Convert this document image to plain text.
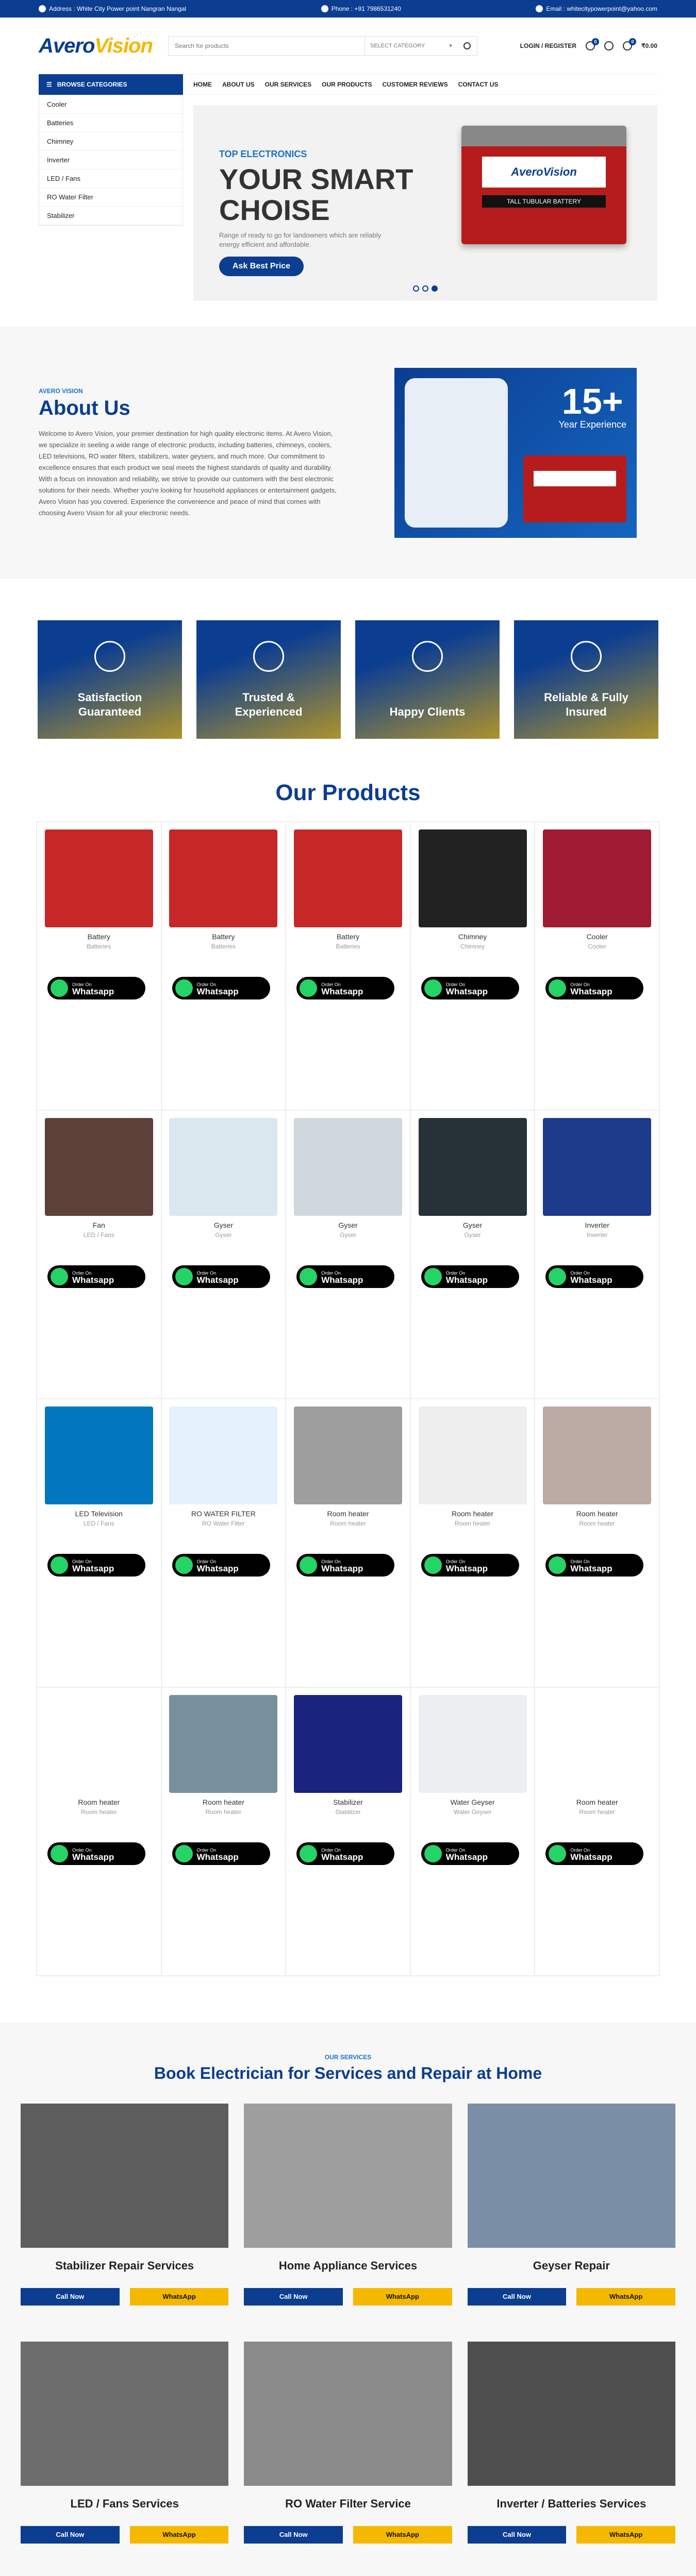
Address : White City Power point Nangran Nangal	Phone : +91 7986531240	Email : whitecitypowerpoint@yahoo.com
AveroVision
Search for products	SELECT CATEGORY	▾	LOGIN / REGISTER
0	0
₹0.00
☰ BROWSE CATEGORIES	HOME ABOUT US OUR SERVICES OUR PRODUCTS CUSTOMER REVIEWS CONTACT US
Cooler
Batteries
Chimney
Inverter
LED / Fans
RO Water Filter
Stabilizer
TOP ELECTRONICS
YOUR SMART
CHOISE

Range of ready to go for landowners which are reliably energy efficient and affordable.

Ask Best Price
AveroVision
TALL TUBULAR BATTERY
AVERO VISION
About Us

Welcome to Avero Vision, your premier destination for high quality electronic items. At Avero Vision, we specialize in seeling a wide range of electronic products, including batteries, chimneys, coolers, LED televisions, RO water filters, stabilizers, water geysers, and much more. Our commitment to excellence ensures that each product we seal meets the highest standards of quality and durability. With a focus on innovation and reliability, we strive to provide our customers with the best electronic solutions for their needs. Whether you're looking for household appliances or entertainment gadgets, Avero Vision has you covered. Experience the convenience and peace of mind that comes with choosing Avero Vision for all your electronic needs.

15+
Year Experience
Satisfaction Guaranteed
Trusted & Experienced	Happy Clients
Reliable & Fully Insured
Our Products
Battery
Batteries
Order On
Whatsapp
Battery
Batteries
Order On
Whatsapp
Battery
Batteries
Order On
Whatsapp
Chimney
Chimney
Order On
Whatsapp
Cooler
Cooler
Order On
Whatsapp
Fan
LED / Fans
Order On
Whatsapp
Gyser
Gyser
Order On
Whatsapp
Gyser
Gyser
Order On
Whatsapp
Gyser
Gyser
Order On
Whatsapp
Inverter
Inverter
Order On
Whatsapp
LED Television
LED / Fans
Order On
Whatsapp
RO WATER FILTER
RO Water Filter
Order On
Whatsapp
Room heater
Room heater
Order On
Whatsapp
Room heater
Room heater
Order On
Whatsapp
Room heater
Room heater
Order On
Whatsapp
Room heater
Room heater
Order On
Whatsapp
Room heater
Room heater
Order On
Whatsapp
Stabilizer
Stabilizer
Order On
Whatsapp
Water Geyser
Water Geyser
Order On
Whatsapp
Room heater
Room heater
Order On
Whatsapp
OUR SERVICES
Book Electrician for Services and Repair at Home
Stabilizer Repair Services
Call Now	WhatsApp
Home Appliance Services
Call Now	WhatsApp
Geyser Repair
Call Now	WhatsApp
LED / Fans Services
Call Now	WhatsApp
RO Water Filter Service
Call Now	WhatsApp
Inverter / Batteries Services
Call Now	WhatsApp
